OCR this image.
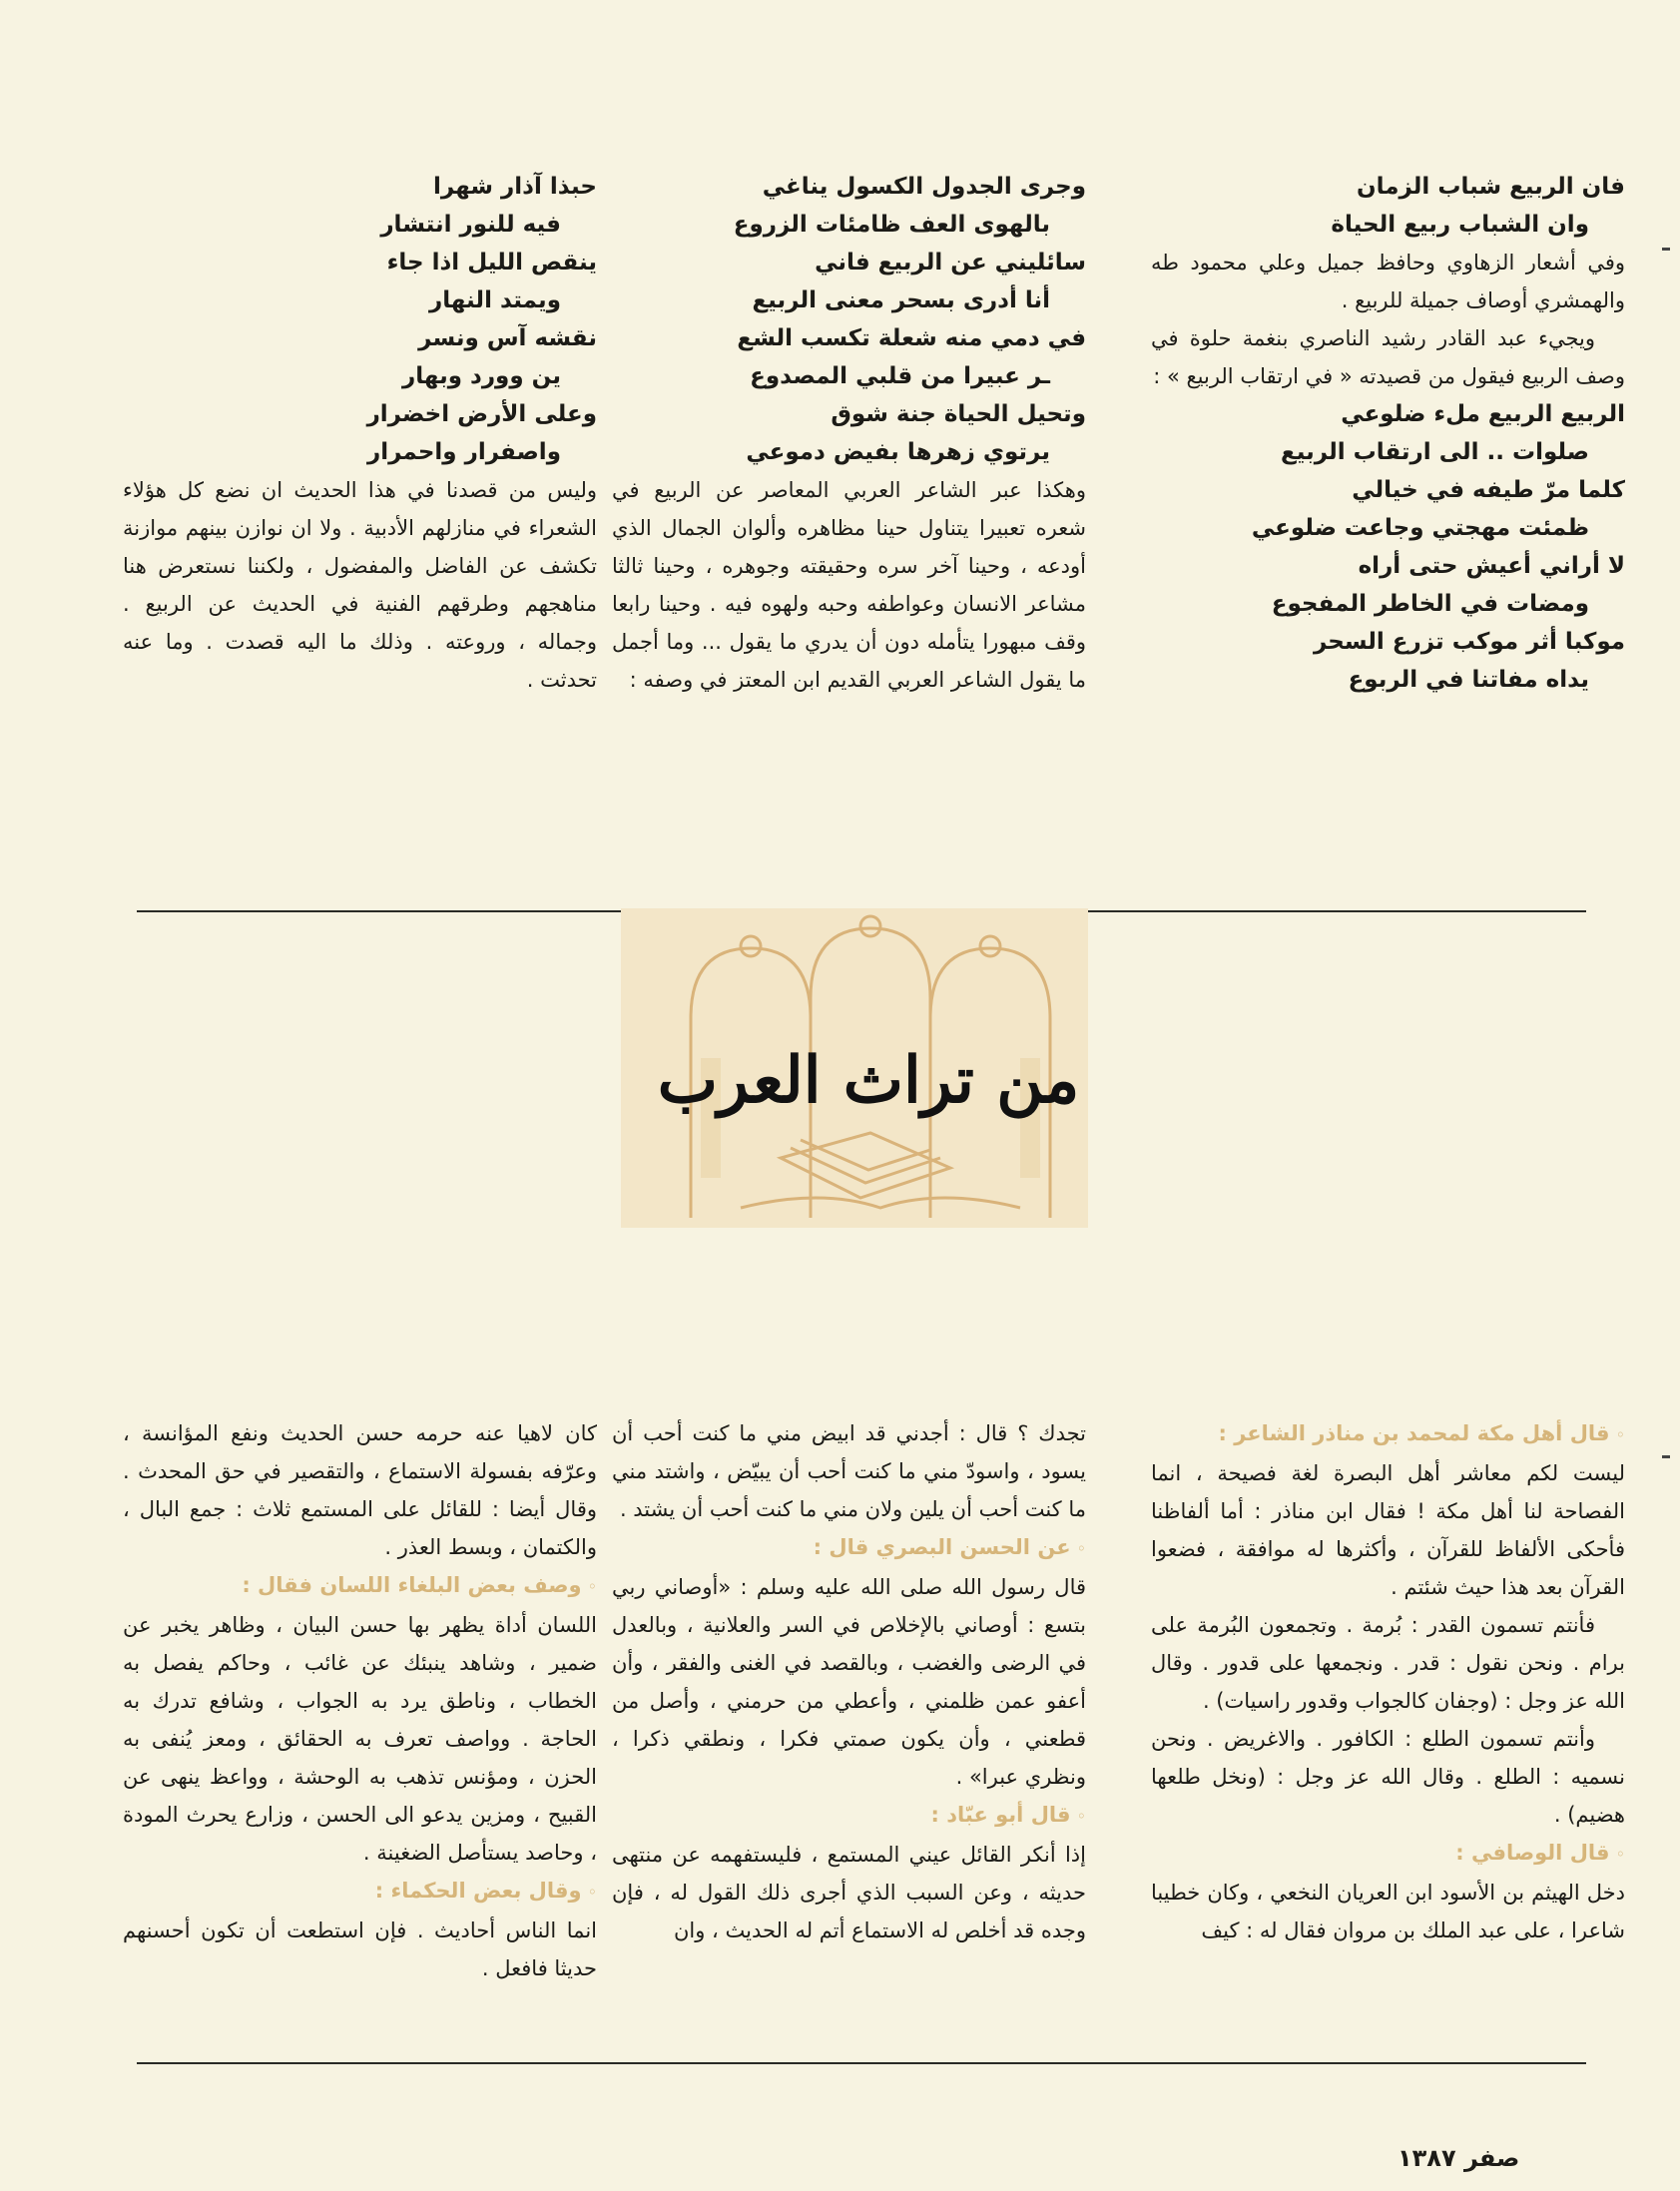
فان الربيع شباب الزمان

وان الشباب ربيع الحياة

وفي أشعار الزهاوي وحافظ جميل وعلي محمود طه والهمشري أوصاف جميلة للربيع .

ويجيء عبد القادر رشيد الناصري بنغمة حلوة في وصف الربيع فيقول من قصيدته « في ارتقاب الربيع » :

الربيع الربيع ملء ضلوعي

صلوات .. الى ارتقاب الربيع

كلما مرّ طيفه في خيالي

ظمئت مهجتي وجاعت ضلوعي

لا أراني أعيش حتى أراه

ومضات في الخاطر المفجوع

موكبا أثر موكب تزرع السحر

يداه مفاتنا في الربوع

وجرى الجدول الكسول يناغي

بالهوى العف ظامئات الزروع

سائليني عن الربيع فاني

أنا أدرى بسحر معنى الربيع

في دمي منه شعلة تكسب الشع

ـر عبيرا من قلبي المصدوع

وتحيل الحياة جنة شوق

يرتوي زهرها بفيض دموعي

وهكذا عبر الشاعر العربي المعاصر عن الربيع في شعره تعبيرا يتناول حينا مظاهره وألوان الجمال الذي أودعه ، وحينا آخر سره وحقيقته وجوهره ، وحينا ثالثا مشاعر الانسان وعواطفه وحبه ولهوه فيه . وحينا رابعا وقف مبهورا يتأمله دون أن يدري ما يقول ... وما أجمل ما يقول الشاعر العربي القديم ابن المعتز في وصفه :

حبذا آذار شهرا

فيه للنور انتشار

ينقص الليل اذا جاء

ويمتد النهار

نقشه آس ونسر

ين وورد وبهار

وعلى الأرض اخضرار

واصفرار واحمرار

وليس من قصدنا في هذا الحديث ان نضع كل هؤلاء الشعراء في منازلهم الأدبية . ولا ان نوازن بينهم موازنة تكشف عن الفاضل والمفضول ، ولكننا نستعرض هنا مناهجهم وطرقهم الفنية في الحديث عن الربيع . وجماله ، وروعته . وذلك ما اليه قصدت . وما عنه تحدثت .

من تراث العرب

◦قال أهل مكة لمحمد بن مناذر الشاعر :

ليست لكم معاشر أهل البصرة لغة فصيحة ، انما الفصاحة لنا أهل مكة ! فقال ابن مناذر : أما ألفاظنا فأحكى الألفاظ للقرآن ، وأكثرها له موافقة ، فضعوا القرآن بعد هذا حيث شئتم .

فأنتم تسمون القدر : بُرمة . وتجمعون البُرمة على برام . ونحن نقول : قدر . ونجمعها على قدور . وقال الله عز وجل : (وجفان كالجواب وقدور راسيات) .

وأنتم تسمون الطلع : الكافور . والاغريض . ونحن نسميه : الطلع . وقال الله عز وجل : (ونخل طلعها هضيم) .

◦قال الوصافي :

دخل الهيثم بن الأسود ابن العريان النخعي ، وكان خطيبا شاعرا ، على عبد الملك بن مروان فقال له : كيف

تجدك ؟ قال : أجدني قد ابيض مني ما كنت أحب أن يسود ، واسودّ مني ما كنت أحب أن يبيّض ، واشتد مني ما كنت أحب أن يلين ولان مني ما كنت أحب أن يشتد .

◦عن الحسن البصري قال :

قال رسول الله صلى الله عليه وسلم : «أوصاني ربي بتسع : أوصاني بالإخلاص في السر والعلانية ، وبالعدل في الرضى والغضب ، وبالقصد في الغنى والفقر ، وأن أعفو عمن ظلمني ، وأعطي من حرمني ، وأصل من قطعني ، وأن يكون صمتي فكرا ، ونطقي ذكرا ، ونظري عبرا» .

◦قال أبو عبّاد :

إذا أنكر القائل عيني المستمع ، فليستفهمه عن منتهى حديثه ، وعن السبب الذي أجرى ذلك القول له ، فإن وجده قد أخلص له الاستماع أتم له الحديث ، وان

كان لاهيا عنه حرمه حسن الحديث ونفع المؤانسة ، وعرّفه بفسولة الاستماع ، والتقصير في حق المحدث . وقال أيضا : للقائل على المستمع ثلاث : جمع البال ، والكتمان ، وبسط العذر .

◦وصف بعض البلغاء اللسان فقال :

اللسان أداة يظهر بها حسن البيان ، وظاهر يخبر عن ضمير ، وشاهد ينبئك عن غائب ، وحاكم يفصل به الخطاب ، وناطق يرد به الجواب ، وشافع تدرك به الحاجة . وواصف تعرف به الحقائق ، ومعز يُنفى به الحزن ، ومؤنس تذهب به الوحشة ، وواعظ ينهى عن القبيح ، ومزين يدعو الى الحسن ، وزارع يحرث المودة ، وحاصد يستأصل الضغينة .

◦وقال بعض الحكماء :

انما الناس أحاديث . فإن استطعت أن تكون أحسنهم حديثا فافعل .

صفر ١٣٨٧
